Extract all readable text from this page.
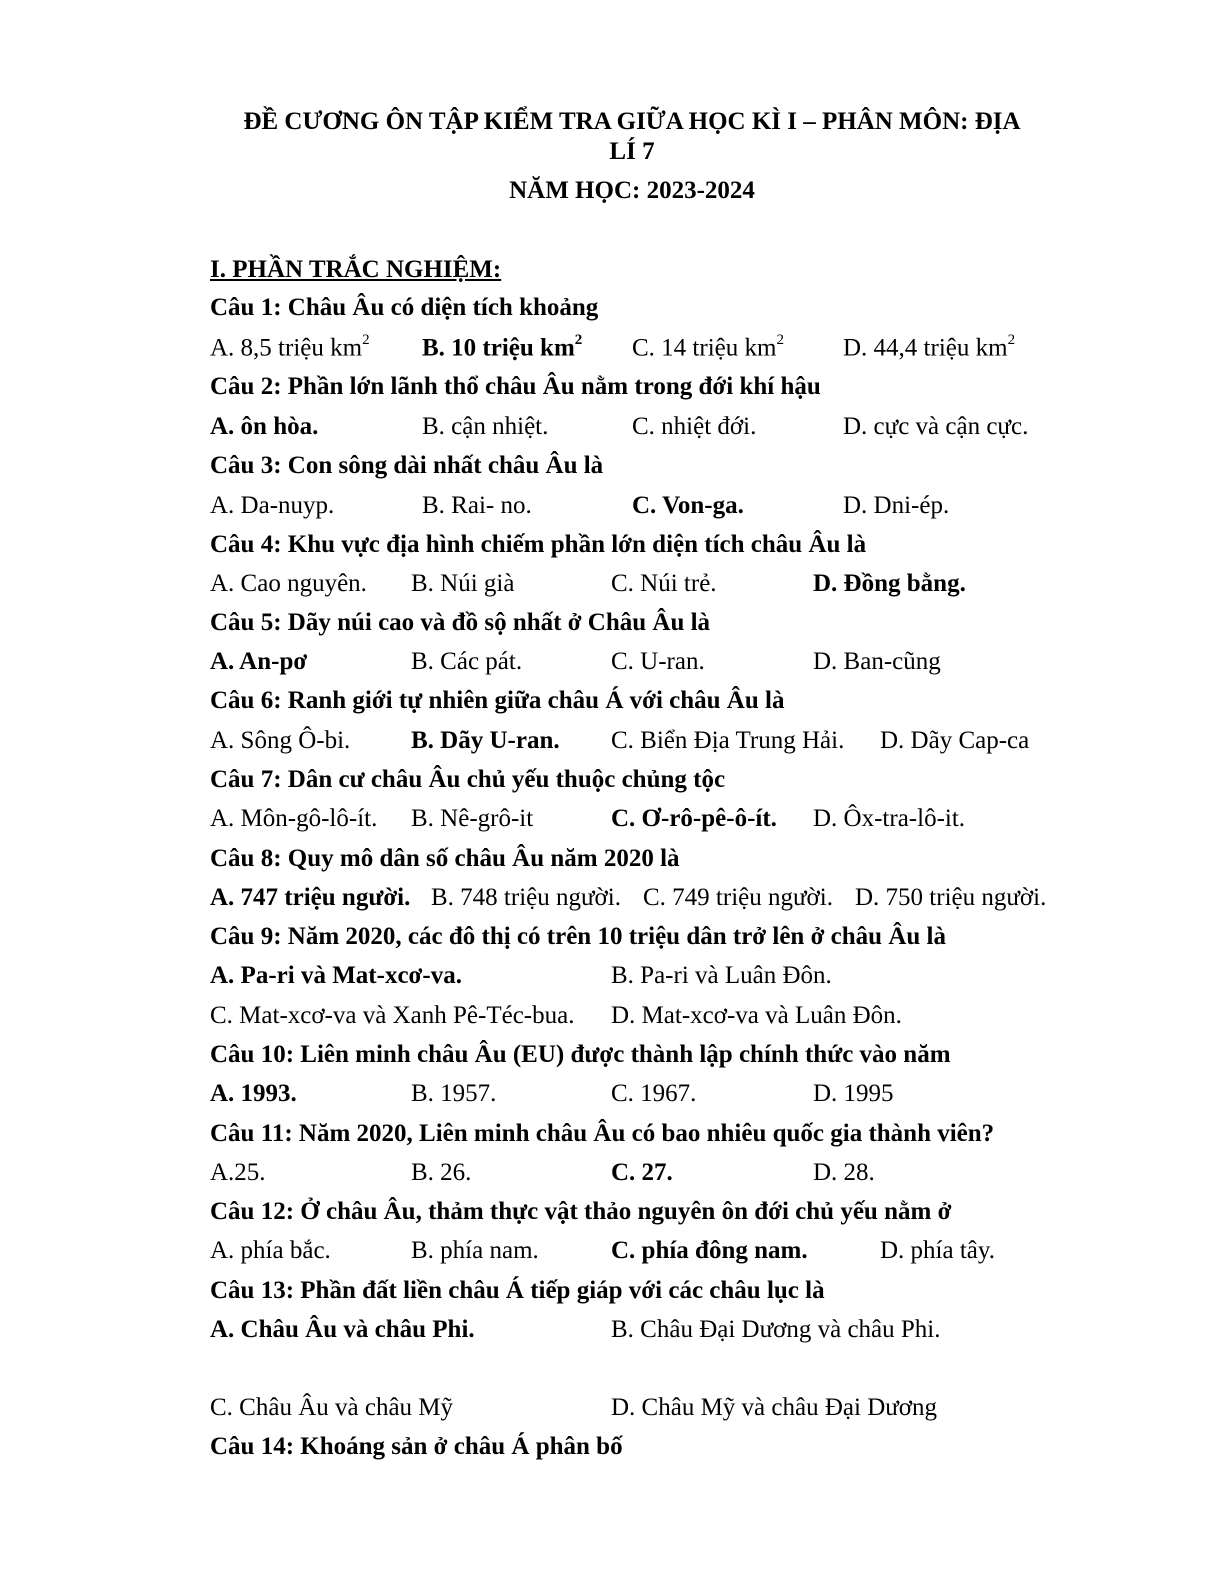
ĐỀ CƯƠNG ÔN TẬP KIỂM TRA GIỮA HỌC KÌ I – PHÂN MÔN: ĐỊA
LÍ 7
NĂM HỌC: 2023-2024
I. PHẦN TRẮC NGHIỆM:
Câu 1: Châu Âu có diện tích khoảng
A. 8,5 triệu $km^2$ B. 10 triệu $km^2$ C. 14 triệu $km^2$ D. 44,4 triệu $km^2$
Câu 2: Phần lớn lãnh thổ châu Âu nằm trong đới khí hậu
A. ôn hòa.	B. cận nhiệt.	C. nhiệt đới.	D. cực và cận cực.
Câu 3: Con sông dài nhất châu Âu là
A. Da-nuyp.	B. Rai- no.	C. Von-ga.	D. Dni-ép.
Câu 4: Khu vực địa hình chiếm phần lớn diện tích châu Âu là
A. Cao nguyên. B. Núi già	C. Núi trẻ.	D. Đồng bằng.
Câu 5: Dãy núi cao và đồ sộ nhất ở Châu Âu là
A. An-pơ	B. Các pát.	C. U-ran.	D. Ban-cũng
Câu 6: Ranh giới tự nhiên giữa châu Á với châu Âu là
A. Sông Ô-bi. B. Dãy U-ran. C. Biển Địa Trung Hải. D. Dãy Cap-ca
Câu 7: Dân cư châu Âu chủ yếu thuộc chủng tộc
A. Môn-gô-lô-ít. B. Nê-grô-it	C. Ơ-rô-pê-ô-ít. D. Ôx-tra-lô-it.
Câu 8: Quy mô dân số châu Âu năm 2020 là
A. 747 triệu người. B. 748 triệu người. C. 749 triệu người. D. 750 triệu người.
Câu 9: Năm 2020, các đô thị có trên 10 triệu dân trở lên ở châu Âu là
A. Pa-ri và Mat-xcơ-va.	B. Pa-ri và Luân Đôn.
C. Mat-xcơ-va và Xanh Pê-Téc-bua. D. Mat-xcơ-va và Luân Đôn.
Câu 10: Liên minh châu Âu (EU) được thành lập chính thức vào năm
A. 1993.	B. 1957.	C. 1967.	D. 1995
Câu 11: Năm 2020, Liên minh châu Âu có bao nhiêu quốc gia thành viên?
A.25.	B. 26.	C. 27.	D. 28.
Câu 12: Ở châu Âu, thảm thực vật thảo nguyên ôn đới chủ yếu nằm ở
A. phía bắc.	B. phía nam.	C. phía đông nam.	D. phía tây.
Câu 13: Phần đất liền châu Á tiếp giáp với các châu lục là
A. Châu Âu và châu Phi.	B. Châu Đại Dương và châu Phi.
C. Châu Âu và châu Mỹ	D. Châu Mỹ và châu Đại Dương
Câu 14: Khoáng sản ở châu Á phân bố
